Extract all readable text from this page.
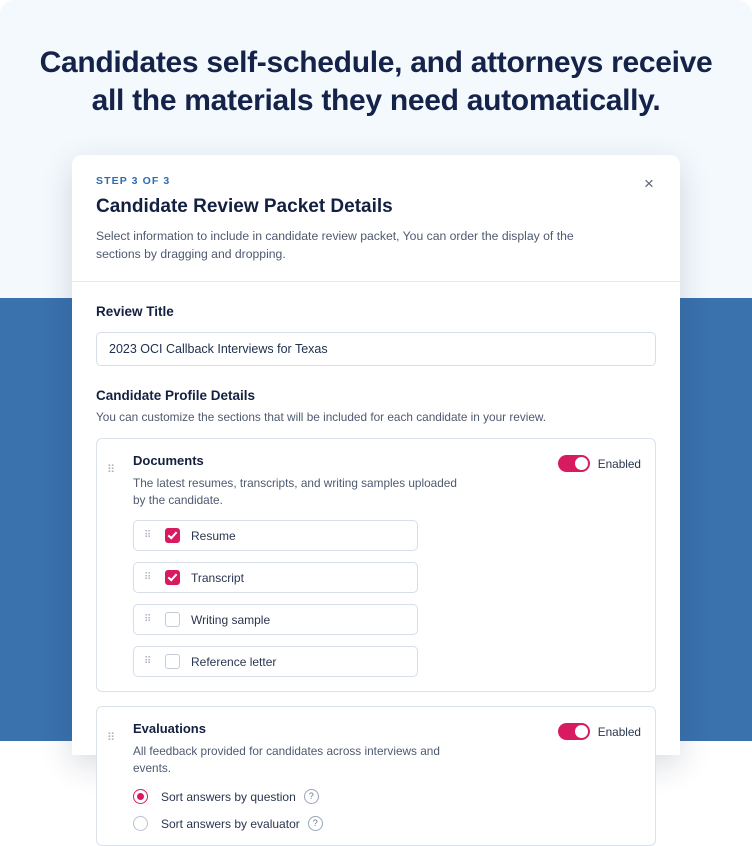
Candidates self-schedule, and attorneys receive
all the materials they need automatically.
STEP 3 OF 3
Candidate Review Packet Details
Select information to include in candidate review packet, You can order the display of the sections by dragging and dropping.
×
Review Title
2023 OCI Callback Interviews for Texas
Candidate Profile Details
You can customize the sections that will be included for each candidate in your review.
⠿
Documents
The latest resumes, transcripts, and writing samples uploaded by the candidate.
Enabled
⠿	Resume
⠿	Transcript
⠿	Writing sample
⠿	Reference letter
⠿
Evaluations
All feedback provided for candidates across interviews and events.
Enabled
Sort answers by question	?
Sort answers by evaluator	?
